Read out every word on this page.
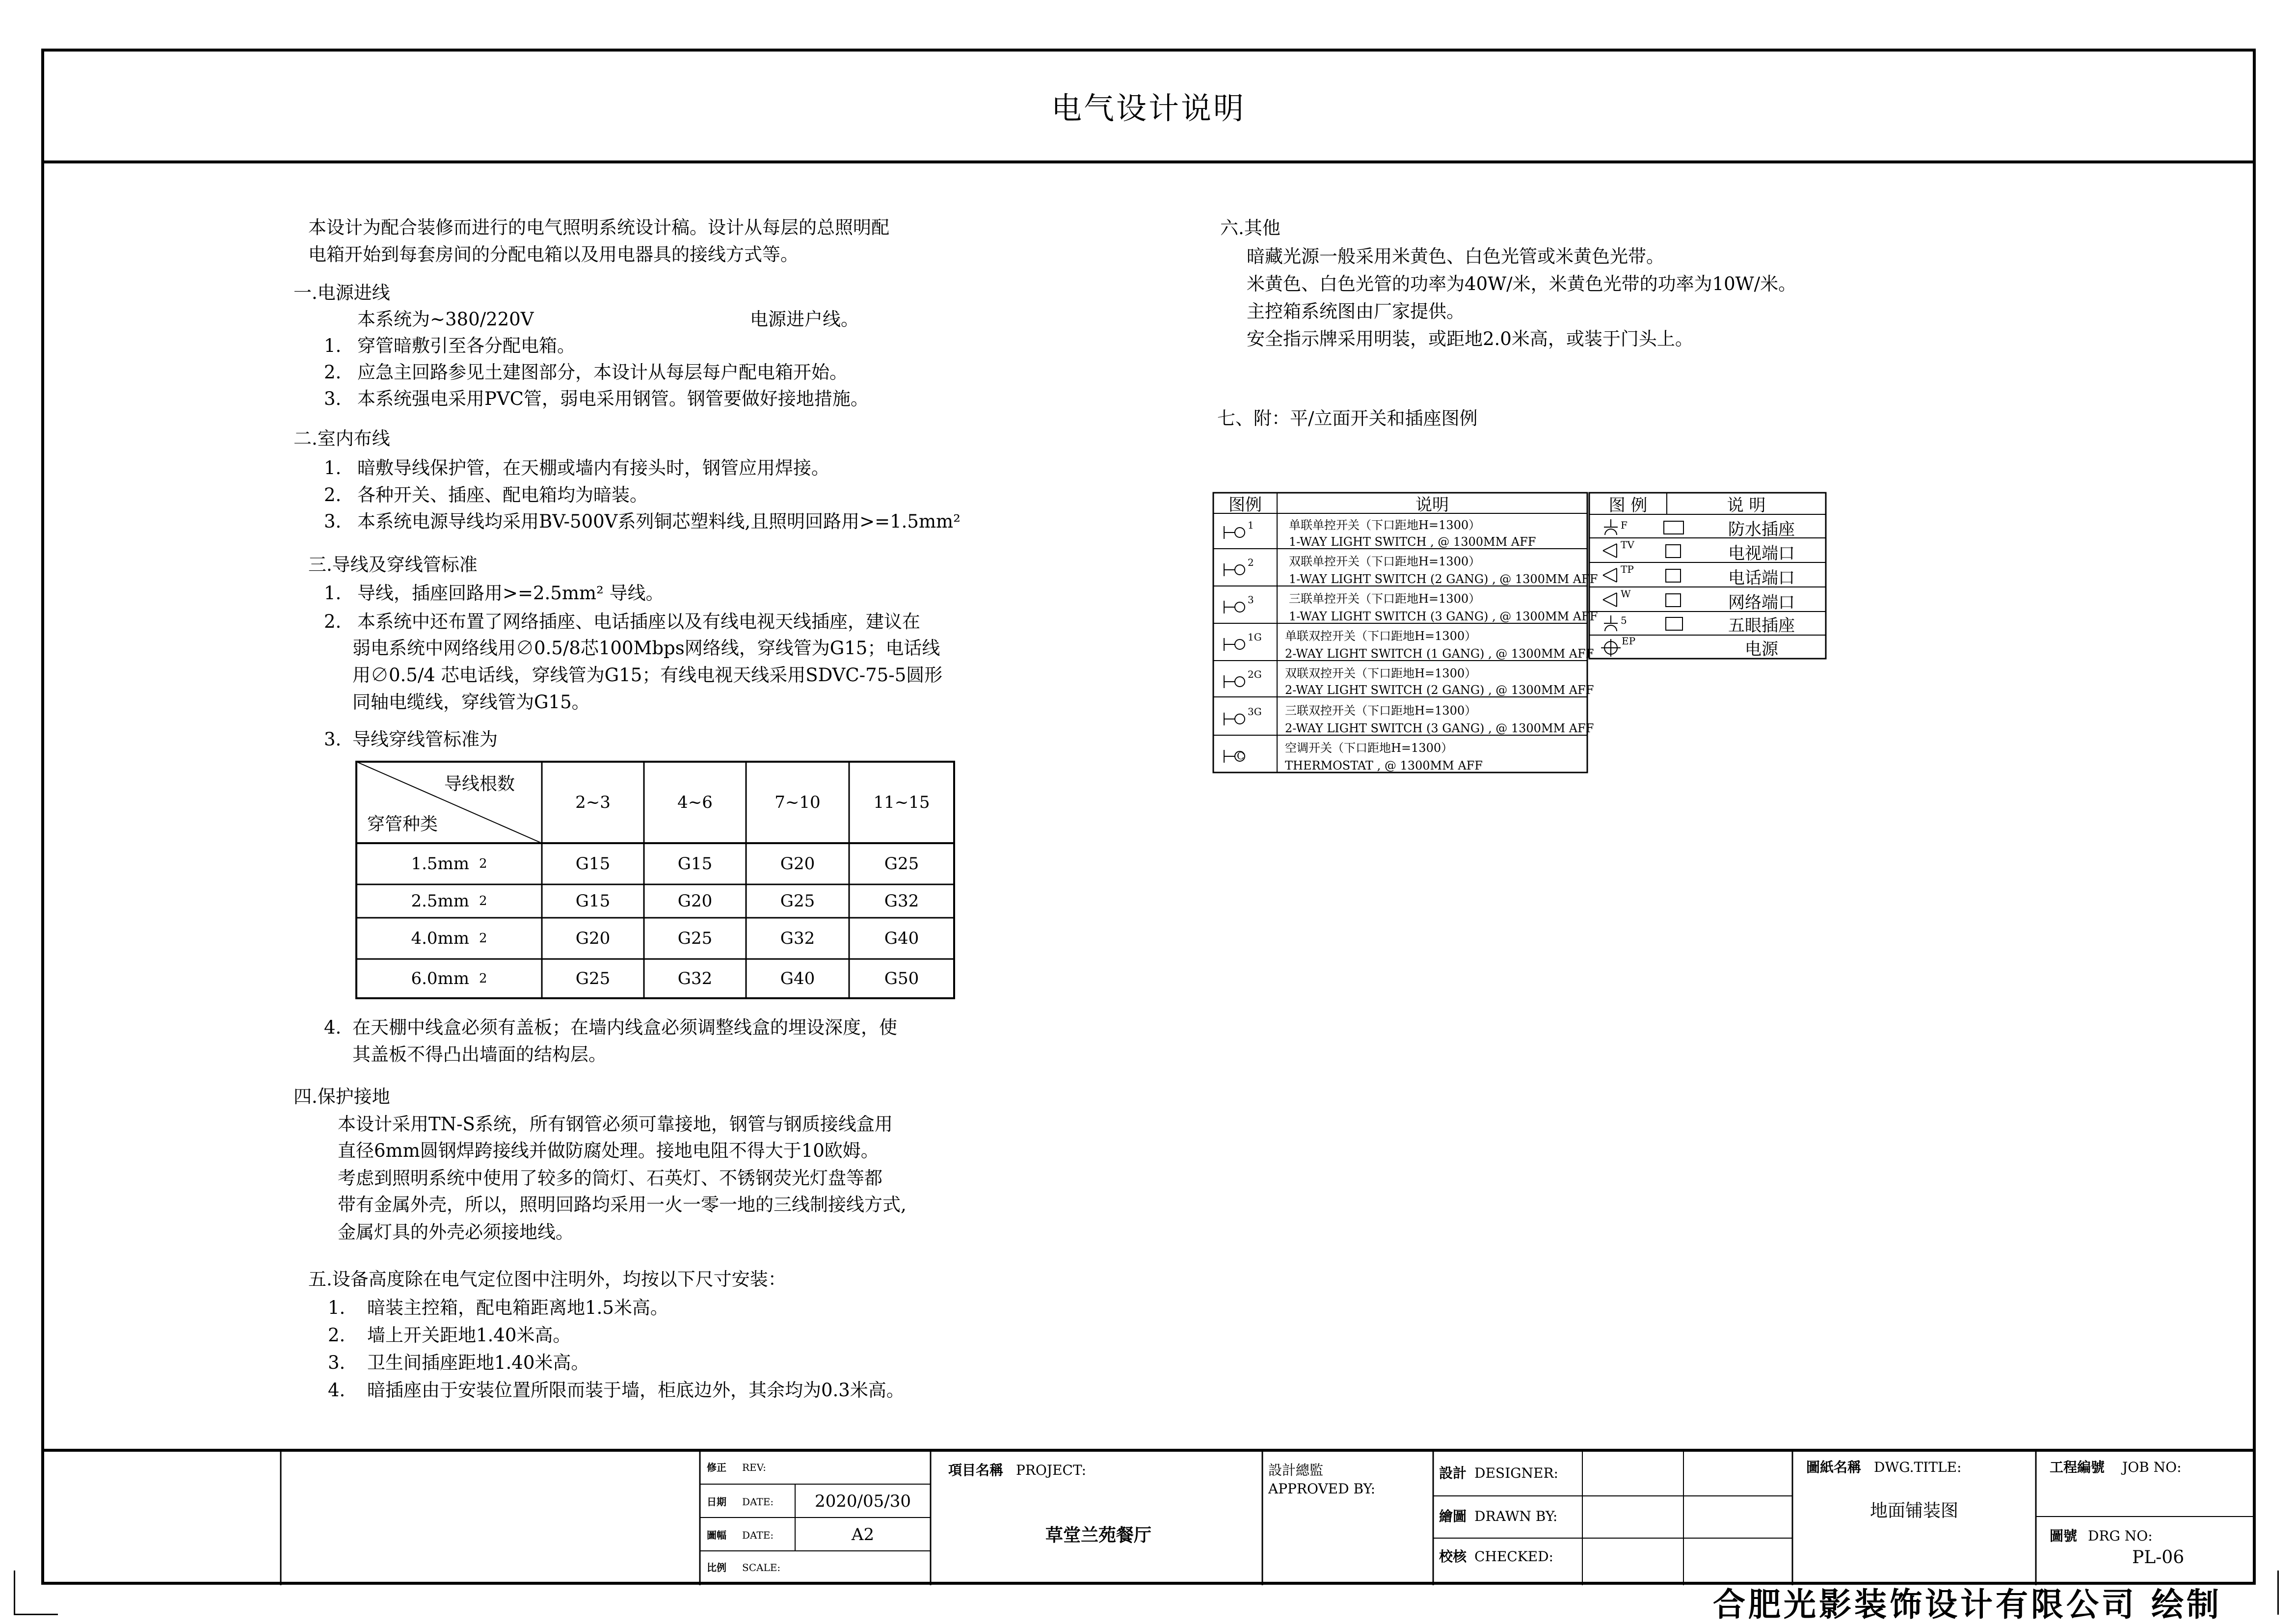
电气设计说明
本设计为配合装修而进行的电气照明系统设计稿。设计从每层的总照明配
电箱开始到每套房间的分配电箱以及用电器具的接线方式等。
一.电源进线
本系统为~380/220V	电源进户线。
1. 穿管暗敷引至各分配电箱。
2. 应急主回路参见土建图部分，本设计从每层每户配电箱开始。
3. 本系统强电采用PVC管，弱电采用钢管。钢管要做好接地措施。
二.室内布线
1. 暗敷导线保护管，在天棚或墙内有接头时，钢管应用焊接。
2. 各种开关、插座、配电箱均为暗装。
3. 本系统电源导线均采用BV-500V系列铜芯塑料线,且照明回路用>=1.5mm²
三.导线及穿线管标准
1. 导线，插座回路用>=2.5mm² 导线。
2. 本系统中还布置了网络插座、电话插座以及有线电视天线插座，建议在
弱电系统中网络线用∅0.5/8芯100Mbps网络线，穿线管为G15；电话线
用∅0.5/4 芯电话线，穿线管为G15；有线电视天线采用SDVC-75-5圆形
同轴电缆线，穿线管为G15。
3. 导线穿线管标准为
导线根数
穿管种类
2~3	4~6	7~10	11~15
1.5mm 2	G15	G15	G20	G25
2.5mm 2	G15	G20	G25	G32
4.0mm 2	G20	G25	G32	G40
6.0mm 2	G25	G32	G40	G50
4. 在天棚中线盒必须有盖板；在墙内线盒必须调整线盒的埋设深度，使
其盖板不得凸出墙面的结构层。
四.保护接地
本设计采用TN-S系统，所有钢管必须可靠接地，钢管与钢质接线盒用
直径6mm圆钢焊跨接线并做防腐处理。接地电阻不得大于10欧姆。
考虑到照明系统中使用了较多的筒灯、石英灯、不锈钢荧光灯盘等都
带有金属外壳，所以，照明回路均采用一火一零一地的三线制接线方式,
金属灯具的外壳必须接地线。
五.设备高度除在电气定位图中注明外，均按以下尺寸安装：
1. 暗装主控箱，配电箱距离地1.5米高。
2. 墙上开关距地1.40米高。
3. 卫生间插座距地1.40米高。
4. 暗插座由于安装位置所限而装于墙，柜底边外，其余均为0.3米高。
六.其他
暗藏光源一般采用米黄色、白色光管或米黄色光带。
米黄色、白色光管的功率为40W/米，米黄色光带的功率为10W/米。
主控箱系统图由厂家提供。
安全指示牌采用明装，或距地2.0米高，或装于门头上。
七、附：平/立面开关和插座图例
图例	说明
1	单联单控开关（下口距地H=1300）
1-WAY LIGHT SWITCH , @ 1300MM AFF
2	双联单控开关（下口距地H=1300）
1-WAY LIGHT SWITCH (2 GANG) , @ 1300MM AFF
3	三联单控开关（下口距地H=1300）
1-WAY LIGHT SWITCH (3 GANG) , @ 1300MM AFF
1G 单联双控开关（下口距地H=1300）
2-WAY LIGHT SWITCH (1 GANG) , @ 1300MM AFF
2G 双联双控开关（下口距地H=1300）
2-WAY LIGHT SWITCH (2 GANG) , @ 1300MM AFF
3G 三联双控开关（下口距地H=1300）
2-WAY LIGHT SWITCH (3 GANG) , @ 1300MM AFF
C
空调开关（下口距地H=1300）
THERMOSTAT , @ 1300MM AFF
图 例	说 明
F	防水插座
TV	电视端口
TP	电话端口
W	网络端口
5	五眼插座
EP	电源
修正 REV:
日期 DATE:	2020/05/30
圖幅 DATE:	A2
比例 SCALE:
項目名稱 PROJECT:
草堂兰苑餐厅
設計總監
APPROVED BY:
設計 DESIGNER:
繪圖 DRAWN BY:
校核 CHECKED:
圖紙名稱 DWG.TITLE:
地面铺装图
工程編號 JOB NO:
圖號 DRG NO:
PL-06
合肥光影装饰设计有限公司 绘制
